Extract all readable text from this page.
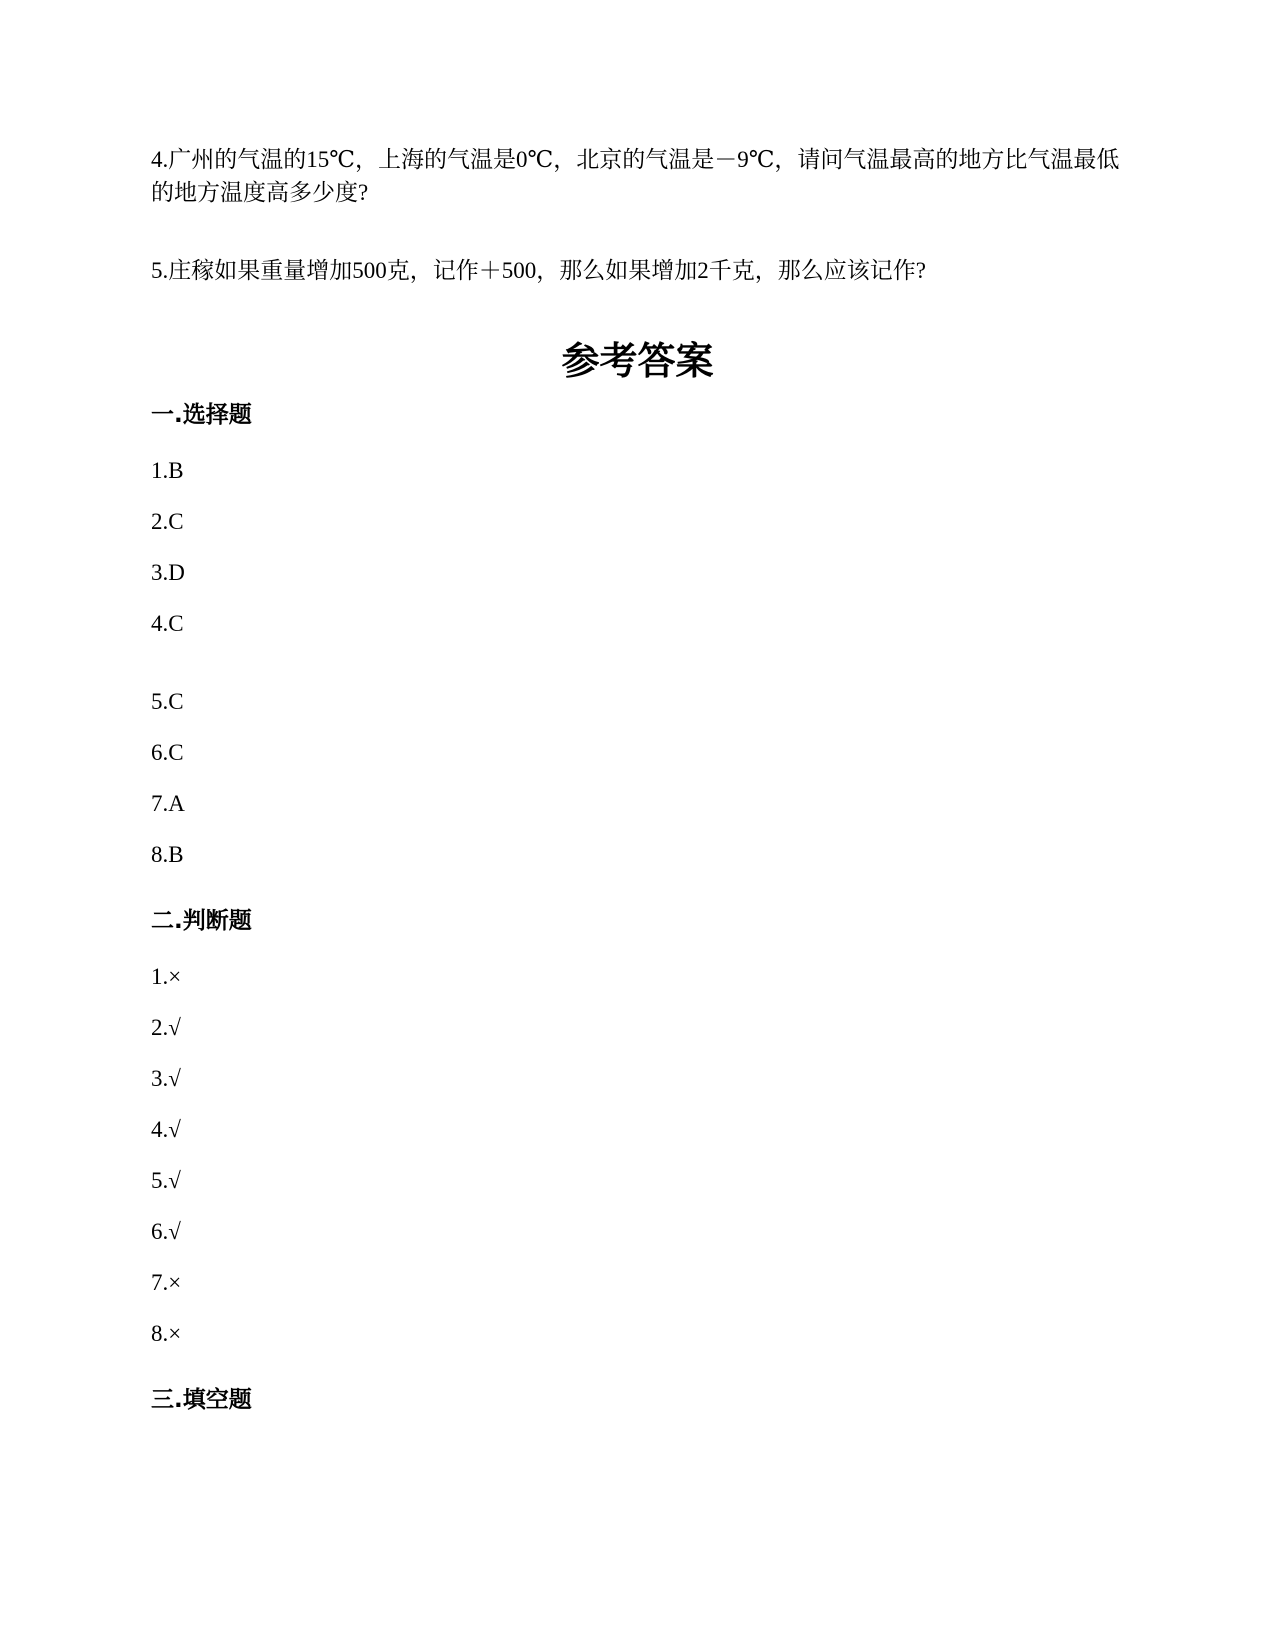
4.广州的气温的15℃，上海的气温是0℃，北京的气温是－9℃，请问气温最高的地方比气温最低的地方温度高多少度?

5.庄稼如果重量增加500克，记作＋500，那么如果增加2千克，那么应该记作?

参考答案
一.选择题

1.B

2.C

3.D

4.C

5.C

6.C

7.A

8.B

二.判断题

1.×

2.√

3.√

4.√

5.√

6.√

7.×

8.×

三.填空题
